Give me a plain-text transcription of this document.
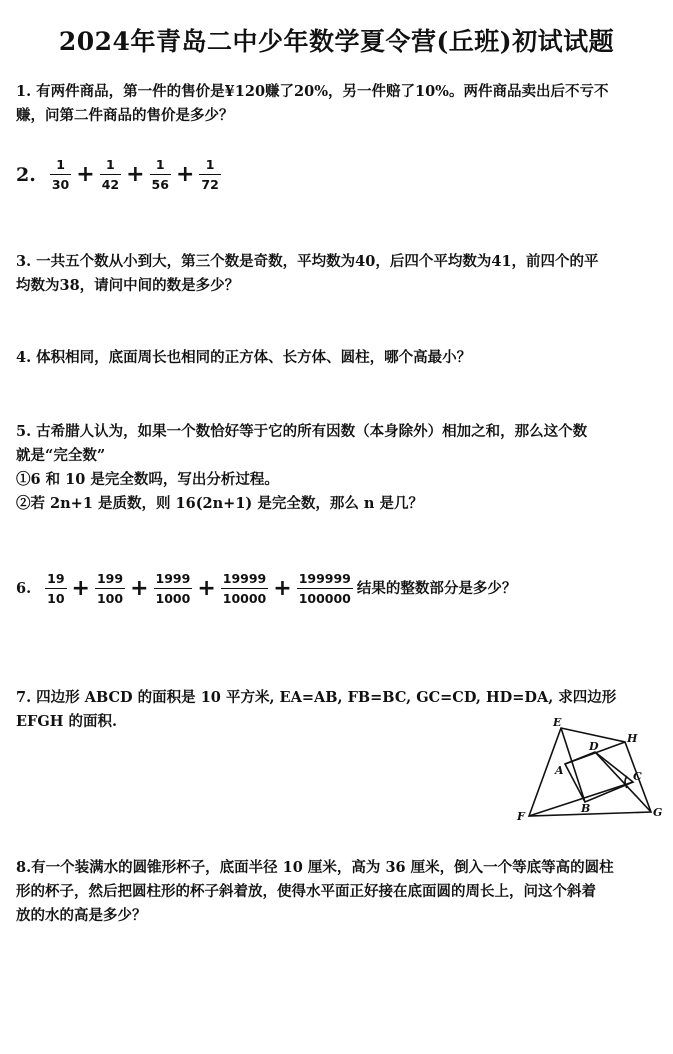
2024年青岛二中少年数学夏令营(丘班)初试试题
1. 有两件商品，第一件的售价是¥120赚了20%，另一件赔了10%。两件商品卖出后不亏不
赚，问第二件商品的售价是多少？
2. $\frac{1}{30} + \frac{1}{42} + \frac{1}{56} + \frac{1}{72}$
3. 一共五个数从小到大，第三个数是奇数，平均数为40，后四个平均数为41，前四个的平
均数为38，请问中间的数是多少？
4. 体积相同，底面周长也相同的正方体、长方体、圆柱，哪个高最小？
5. 古希腊人认为，如果一个数恰好等于它的所有因数（本身除外）相加之和，那么这个数
就是“完全数”
①6 和 10 是完全数吗，写出分析过程。
②若 2n+1 是质数，则 16(2n+1) 是完全数，那么 n 是几？
6. $\frac{19}{10} + \frac{199}{100} + \frac{1999}{1000} + \frac{19999}{10000} + \frac{199999}{100000}$ 结果的整数部分是多少？
7. 四边形 ABCD 的面积是 10 平方米, EA=AB, FB=BC, GC=CD, HD=DA, 求四边形 EFGH 的面积.	E
H
D
A	C
B
F	G
8.有一个装满水的圆锥形杯子，底面半径 10 厘米，高为 36 厘米，倒入一个等底等高的圆柱
形的杯子，然后把圆柱形的杯子斜着放，使得水平面正好接在底面圆的周长上，问这个斜着
放的水的高是多少？
